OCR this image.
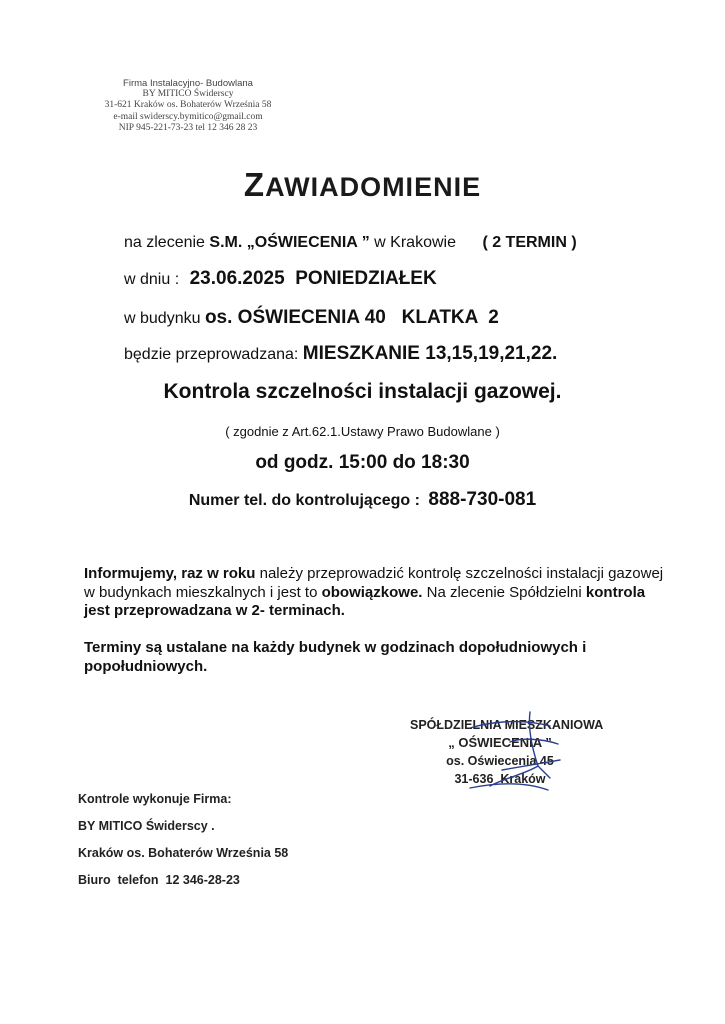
Firma Instalacyjno- Budowlana
BY MITICO Świderscy
31-621 Kraków os. Bohaterów Września 58
e-mail swiderscy.bymitico@gmail.com
NIP 945-221-73-23 tel 12 346 28 23
ZAWIADOMIENIE
na zlecenie S.M. „OŚWIECENIA ” w Krakowie ( 2 TERMIN )
w dniu : 23.06.2025  PONIEDZIAŁEK
w budynku os. OŚWIECENIA 40   KLATKA  2
będzie przeprowadzana: MIESZKANIE 13,15,19,21,22.
Kontrola szczelności instalacji gazowej.
( zgodnie z Art.62.1.Ustawy Prawo Budowlane )
od godz. 15:00 do 18:30
Numer tel. do kontrolującego : 888-730-081
Informujemy, raz w roku należy przeprowadzić kontrolę szczelności instalacji gazowej w budynkach mieszkalnych i jest to obowiązkowe. Na zlecenie Spółdzielni kontrola jest przeprowadzana w 2- terminach.
Terminy są ustalane na każdy budynek w godzinach dopołudniowych i popołudniowych.
SPÓŁDZIELNIA MIESZKANIOWA
„ OŚWIECENIA ”
os. Oświecenia 45
31-636  Kraków
Kontrole wykonuje Firma:
BY MITICO Świderscy .
Kraków os. Bohaterów Września 58
Biuro  telefon  12 346-28-23
